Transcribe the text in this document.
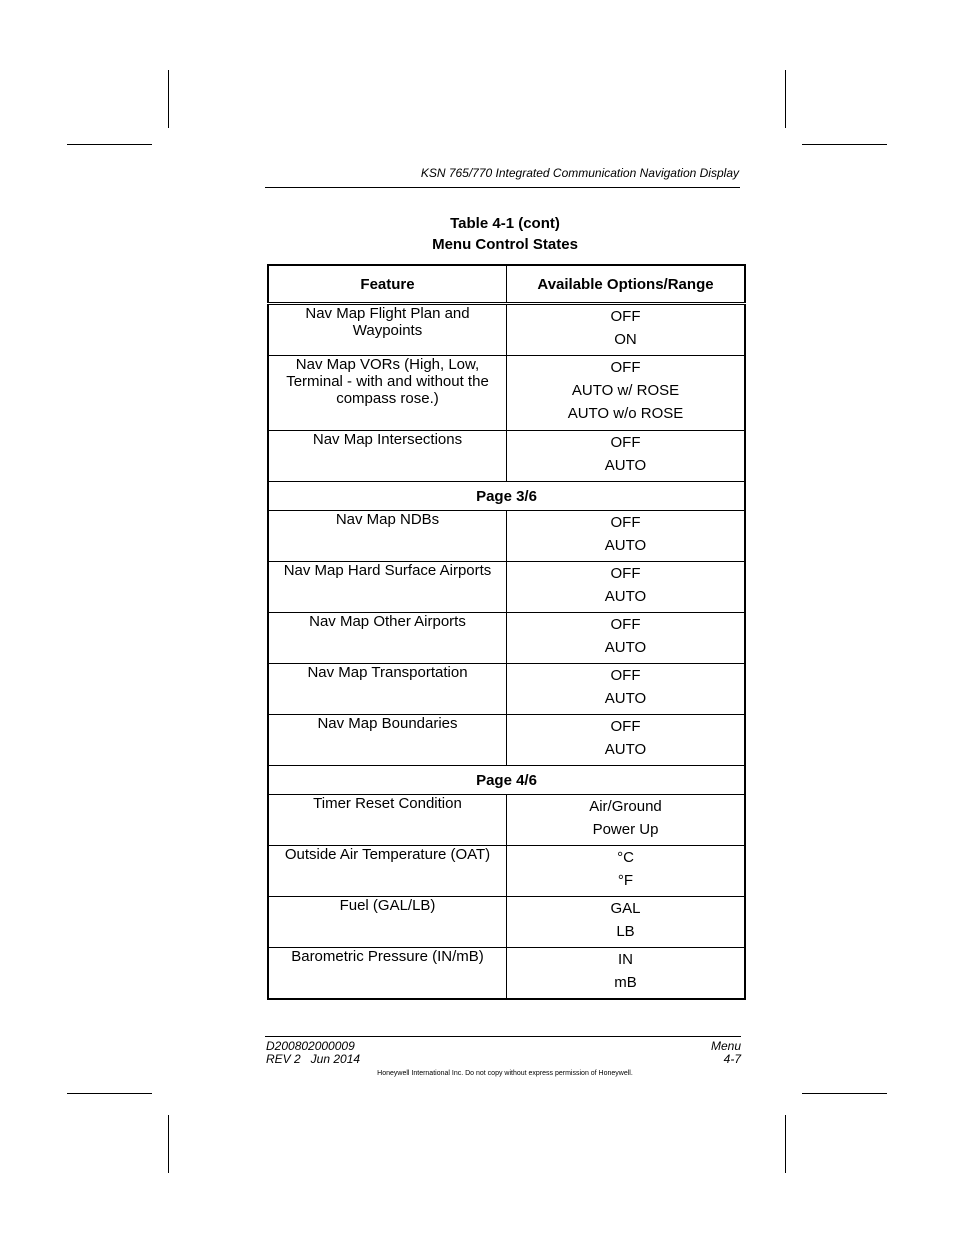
KSN 765/770 Integrated Communication Navigation Display
Table 4-1 (cont)
Menu Control States
Feature	Available Options/Range
Nav Map Flight Plan and Waypoints	OFF
ON

Nav Map VORs (High, Low, Terminal - with and without the compass rose.)	OFF
AUTO w/ ROSE
AUTO w/o ROSE

Nav Map Intersections	OFF
AUTO

Page 3/6	
Nav Map NDBs	OFF
AUTO

Nav Map Hard Surface Airports	OFF
AUTO

Nav Map Other Airports	OFF
AUTO

Nav Map Transportation	OFF
AUTO

Nav Map Boundaries	OFF
AUTO

Page 4/6	
Timer Reset Condition	Air/Ground
Power Up

Outside Air Temperature (OAT)	°C
°F

Fuel (GAL/LB)	GAL
LB

Barometric Pressure (IN/mB)	IN
mB
D200802000009
REV 2   Jun 2014
Menu
4-7
Honeywell International Inc. Do not copy without express permission of Honeywell.
